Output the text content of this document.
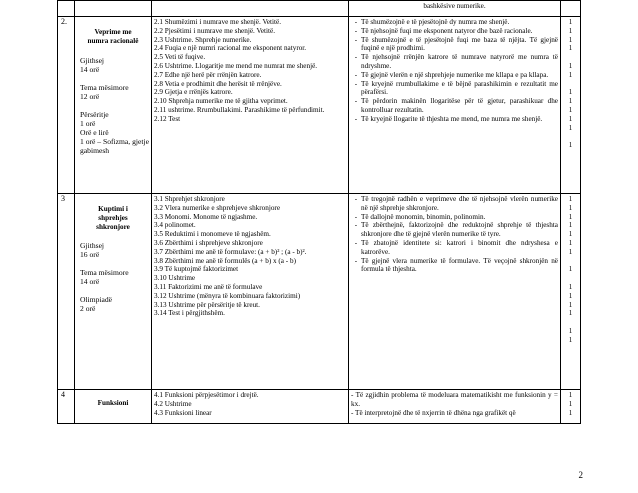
bashkësive numerike.
2.
Veprime me numra racionalë
Gjithsej
14 orë
Tema mësimore
12 orë
Përsëritje
1 orë
Orë e lirë
1 orë – Sofizma, gjetje gabimesh
2.1 Shumëzimi i numrave me shenjë. Vetitë.
2.2 Pjesëtimi i numrave me shenjë. Vetitë.
2.3 Ushtrime. Shprehje numerike.
2.4 Fuqia e një numri racional me eksponent natyror.
2.5 Veti të fuqive.
2.6 Ushtrime. Llogaritje me mend me numrat me shenjë.
2.7 Edhe një herë për rrënjën katrore.
2.8 Vetia e prodhimit dhe herësit të rrënjëve.
2.9 Gjetja e rrënjës katrore.
2.10 Shprehja numerike me të gjitha veprimet.
2.11 ushtrime. Rrumbullakimi. Parashikime të përfundimit.
2.12 Test
- Të shumëzojnë e të pjesëtojnë dy numra me shenjë.
- Të njehsojnë fuqi me eksponent natyror dhe bazë racionale.
- Të shumëzojnë e të pjesëtojnë fuqi me baza të njëjta. Të gjejnë fuqinë e një prodhimi.
- Të njehsojnë rrënjën katrore të numrave natyrorë me numra të ndryshme.
- Të gjejnë vlerën e një shprehjeje numerike me kllapa e pa kllapa.
- Të kryejnë rrumbullakime e të bëjnë parashikimin e rezultatit me përafërsi.
- Të përdorin makinën llogaritëse për të gjetur, parashikuar dhe kontrolluar rezultatin.
- Të kryejnë llogarite të thjeshta me mend, me numra me shenjë.
1
1
1
1
1
1
1
1
1
1
1
1
3
Kuptimi i shprehjes shkronjore
Gjithsej
16 orë
Tema mësimore
14 orë
Olimpiadë
2 orë
3.1 Shprehjet shkronjore
3.2 Vlera numerike e shprehjeve shkronjore
3.3 Monomi. Monome të ngjashme.
3.4 polinomet.
3.5 Reduktimi i monomeve të ngjashëm.
3.6 Zbërthimi i shprehjeve shkronjore
3.7 Zbërthimi me anë të formulave: (a + b)² ; (a - b)².
3.8 Zbërthimi me anë të formulës (a + b) x (a - b)
3.9 Të kuptojmë faktorizimet
3.10 Ushtrime
3.11 Faktorizimi me anë të formulave
3.12 Ushtrime (mënyra të kombinuara faktorizimi)
3.13 Ushtrime për përsëritje të kreut.
3.14 Test i përgjithshëm.
- Të tregojnë radhën e veprimeve dhe të njehsojnë vlerën numerike në një shprehje shkronjore.
- Të dallojnë monomin, binomin, polinomin.
- Të zbërthejnë, faktorizojnë dhe reduktojnë shprehje të thjeshta shkronjore dhe të gjejnë vlerën numerike të tyre.
- Të zbatojnë identitete si: katrori i binomit dhe ndryshesa e katrorëve.
- Të gjejnë vlera numerike të formulave. Të veçojnë shkronjën në formula të thjeshta.
1
1
1
1
1
1
1
1
1
1
1
1
1
1
4
Funksioni
4.1 Funksioni përpjesëtimor i drejtë.
4.2 Ushtrime
4.3 Funksioni linear
- Të zgjidhin problema të modeluara matematikisht me funksionin y = kx.
- Të interpretojnë dhe të nxjerrin të dhëna nga grafikët që
1
1
1
2
